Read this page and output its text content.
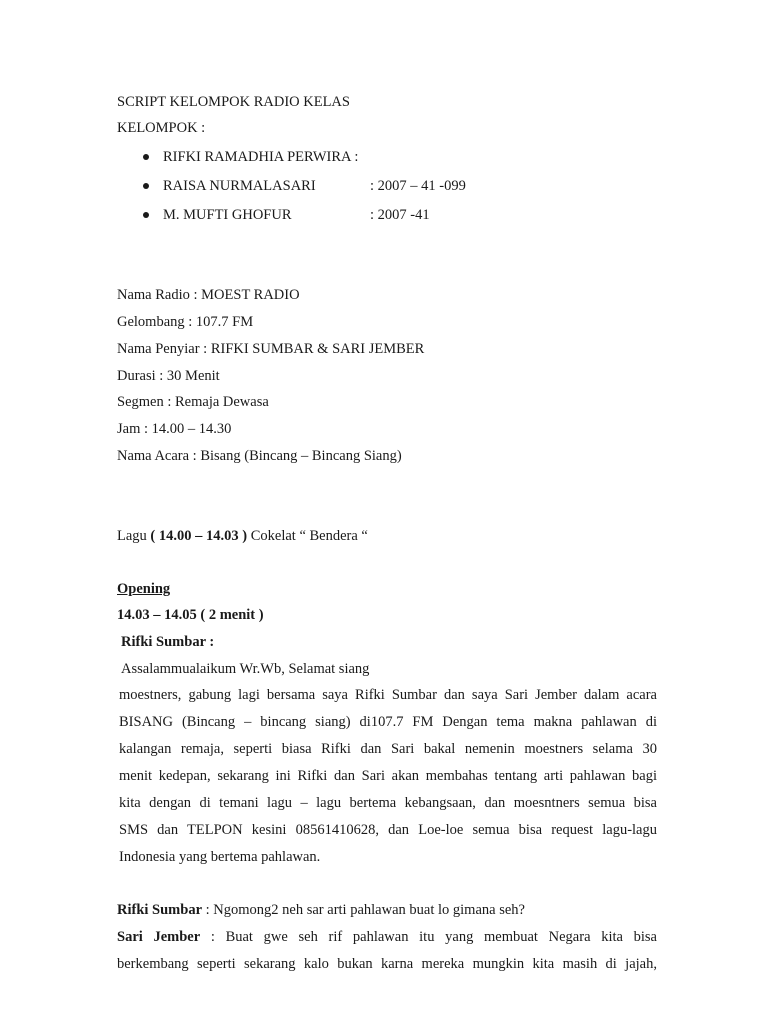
SCRIPT KELOMPOK RADIO KELAS
KELOMPOK :
RIFKI RAMADHIA PERWIRA :
RAISA NURMALASARI	: 2007 – 41 -099
M. MUFTI GHOFUR	: 2007 -41
Nama Radio : MOEST RADIO
Gelombang : 107.7 FM
Nama Penyiar : RIFKI SUMBAR & SARI JEMBER
Durasi : 30 Menit
Segmen : Remaja Dewasa
Jam : 14.00 – 14.30
Nama Acara : Bisang (Bincang – Bincang Siang)
Lagu ( 14.00 – 14.03 ) Cokelat “ Bendera “
Opening
14.03 – 14.05 ( 2 menit )
Rifki Sumbar :
Assalammualaikum Wr.Wb, Selamat siang
moestners, gabung lagi bersama saya Rifki Sumbar dan saya Sari Jember dalam acara
BISANG (Bincang – bincang siang) di107.7 FM Dengan tema makna pahlawan di
kalangan remaja, seperti biasa Rifki dan Sari bakal nemenin moestners selama 30
menit kedepan, sekarang ini Rifki dan Sari akan membahas tentang arti pahlawan bagi
kita dengan di temani lagu – lagu bertema kebangsaan, dan moesntners semua bisa
SMS dan TELPON kesini 08561410628, dan Loe-loe semua bisa request lagu-lagu
Indonesia yang bertema pahlawan.
Rifki Sumbar : Ngomong2 neh sar arti pahlawan buat lo gimana seh?
Sari Jember : Buat gwe seh rif pahlawan itu yang membuat Negara kita bisa
berkembang seperti sekarang kalo bukan karna mereka mungkin kita masih di jajah,
